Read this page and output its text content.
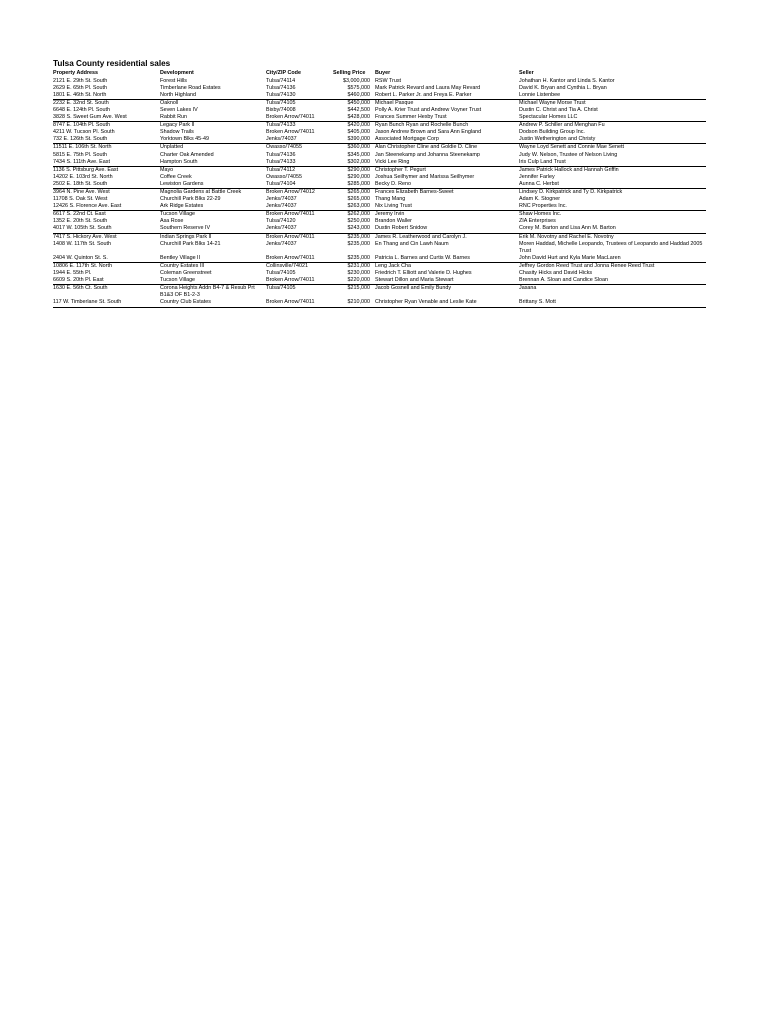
Tulsa County residential sales
Property Address	Development	City/ZIP Code	Selling Price	Buyer	Seller
2121 E. 29th St. South	Forest Hills	Tulsa/74114	$3,000,000	RSW Trust	Johathan H. Kantor and Linda S. Kantor
2629 E. 65th Pl. South	Timberlane Road Estates	Tulsa/74136	$575,000	Mark Patrick Revard and Laura May Revard	David K. Bryan and Cynthia L. Bryan
1801 E. 46th St. North	North Highland	Tulsa/74130	$460,000	Robert L. Parker Jr. and Freya E. Parker	Lonnie Listenbee
2232 E. 32nd St. South	Oaknoll	Tulsa/74105	$450,000	Michael Pasque	Michael Wayne Morse Trust
6648 E. 124th Pl. South	Seven Lakes IV	Bixby/74008	$442,500	Polly A. Krier Trust and Andrew Voyner Trust	Dustin C. Christ and Tia A. Christ
3828 S. Sweet Gum Ave. West	Rabbit Run	Broken Arrow/74011	$428,000	Frances Summer Hexby Trust	Spectacular Homes LLC
8747 E. 104th Pl. South	Legacy Park II	Tulsa/74133	$420,000	Ryan Bunch Ryan and Rochelle Bunch	Andrew P. Schiller and Menghan Fu
4211 W. Tucson Pl. South	Shadow Trails	Broken Arrow/74011	$405,000	Jason Andrew Brown and Sara Ann England	Dodson Building Group Inc.
732 E. 126th St. South	Yorktown Blks 45-49	Jenks/74037	$390,000	Associated Mortgage Corp	Justin Wetherington and Christy
11511 E. 106th St. North	Unplatted	Owasso/74055	$360,000	Alan Christopher Cline and Goldie D. Cline	Wayne Loyd Senett and Connie Mae Senett
5815 E. 75th Pl. South	Charter Oak Amended	Tulsa/74136	$345,000	Jan Steenekamp and Johanna Steenekamp	Judy W. Nelson, Trustee of Nelson Living
7434 S. 111th Ave. East	Hampton South	Tulsa/74133	$302,000	Vicki Lee Ring	Iris Culp Land Trust
1136 S. Pittsburg Ave. East	Mayo	Tulsa/74112	$290,000	Christopher T. Pegurt	James Patrick Hallock and Hannah Griffin
14202 E. 103rd St. North	Coffee Creek	Owasso/74055	$290,000	Joshua Seilhymer and Marissa Seilhymer	Jennifer Farley
2502 E. 18th St. South	Lewiston Gardens	Tulsa/74104	$285,000	Becky D. Reno	Aunna C. Herbst
3964 N. Pine Ave. West	Magnolia Gardens at Battle Creek	Broken Arrow/74012	$265,000	Frances Elizabeth Barnes-Sweet	Lindsey D. Kirkpatrick and Ty D. Kirkpatrick
11708 S. Oak St. West	Churchill Park Blks 22-29	Jenks/74037	$265,000	Thang Mang	Adam K. Stogner
12426 S. Florence Ave. East	Ark Ridge Estates	Jenks/74037	$263,000	Nix Living Trust	RNC Properties Inc.
6617 S. 22nd Ct. East	Tucson Village	Broken Arrow/74011	$262,000	Jeremy Irvin	Shaw Homes Inc.
1352 E. 20th St. South	Asa Rose	Tulsa/74120	$250,000	Brandon Waller	ZIA Enterprises
4017 W. 105th St. South	Southern Reserve IV	Jenks/74037	$243,000	Dustin Robert Snidow	Corey M. Barton and Lisa Ann M. Barton
7417 S. Hickory Ave. West	Indian Springs Park II	Broken Arrow/74011	$235,000	James R. Leatherwood and Carolyn J.	Erik M. Novotny and Rachel E. Novotny
1408 W. 117th St. South	Churchill Park Blks 14-21	Jenks/74037	$235,000	En Thang and Cin Lawh Naum	Moren Haddad, Michelle Leopando, Trustees of Leopando and Haddad 2005 Trust
2404 W. Quinton St. S.	Bentley Village II	Broken Arrow/74011	$235,000	Patricia L. Barnes and Curtis W. Barnes	John David Hurt and Kyla Marie MacLaren
10806 E. 117th St. North	Country Estates III	Collinsville/74021	$231,000	Leng Jack Cha	Jeffrey Gordon Reed Trust and Jonna Renee Reed Trust
1944 E. 55th Pl.	Coleman Greenstreet	Tulsa/74105	$230,000	Friedrich T. Elliott and Valerie D. Hughes	Chasity Hicks and David Hicks
6609 S. 20th Pl. East	Tucson Village	Broken Arrow/74011	$220,000	Stewart Dillon and Maria Stewart	Brennan A. Sloan and Candice Sloan
1630 E. 56th Ct. South	Corona Heights Addn B4-7 & Resub Prt B1&3 OF B1-2-3	Tulsa/74105	$215,000	Jacob Gosnell and Emily Bundy	Jasana
117 W. Timberlane St. South	Country Club Estates	Broken Arrow/74011	$210,000	Christopher Ryan Venable and Leslie Kate	Brittany S. Mott
